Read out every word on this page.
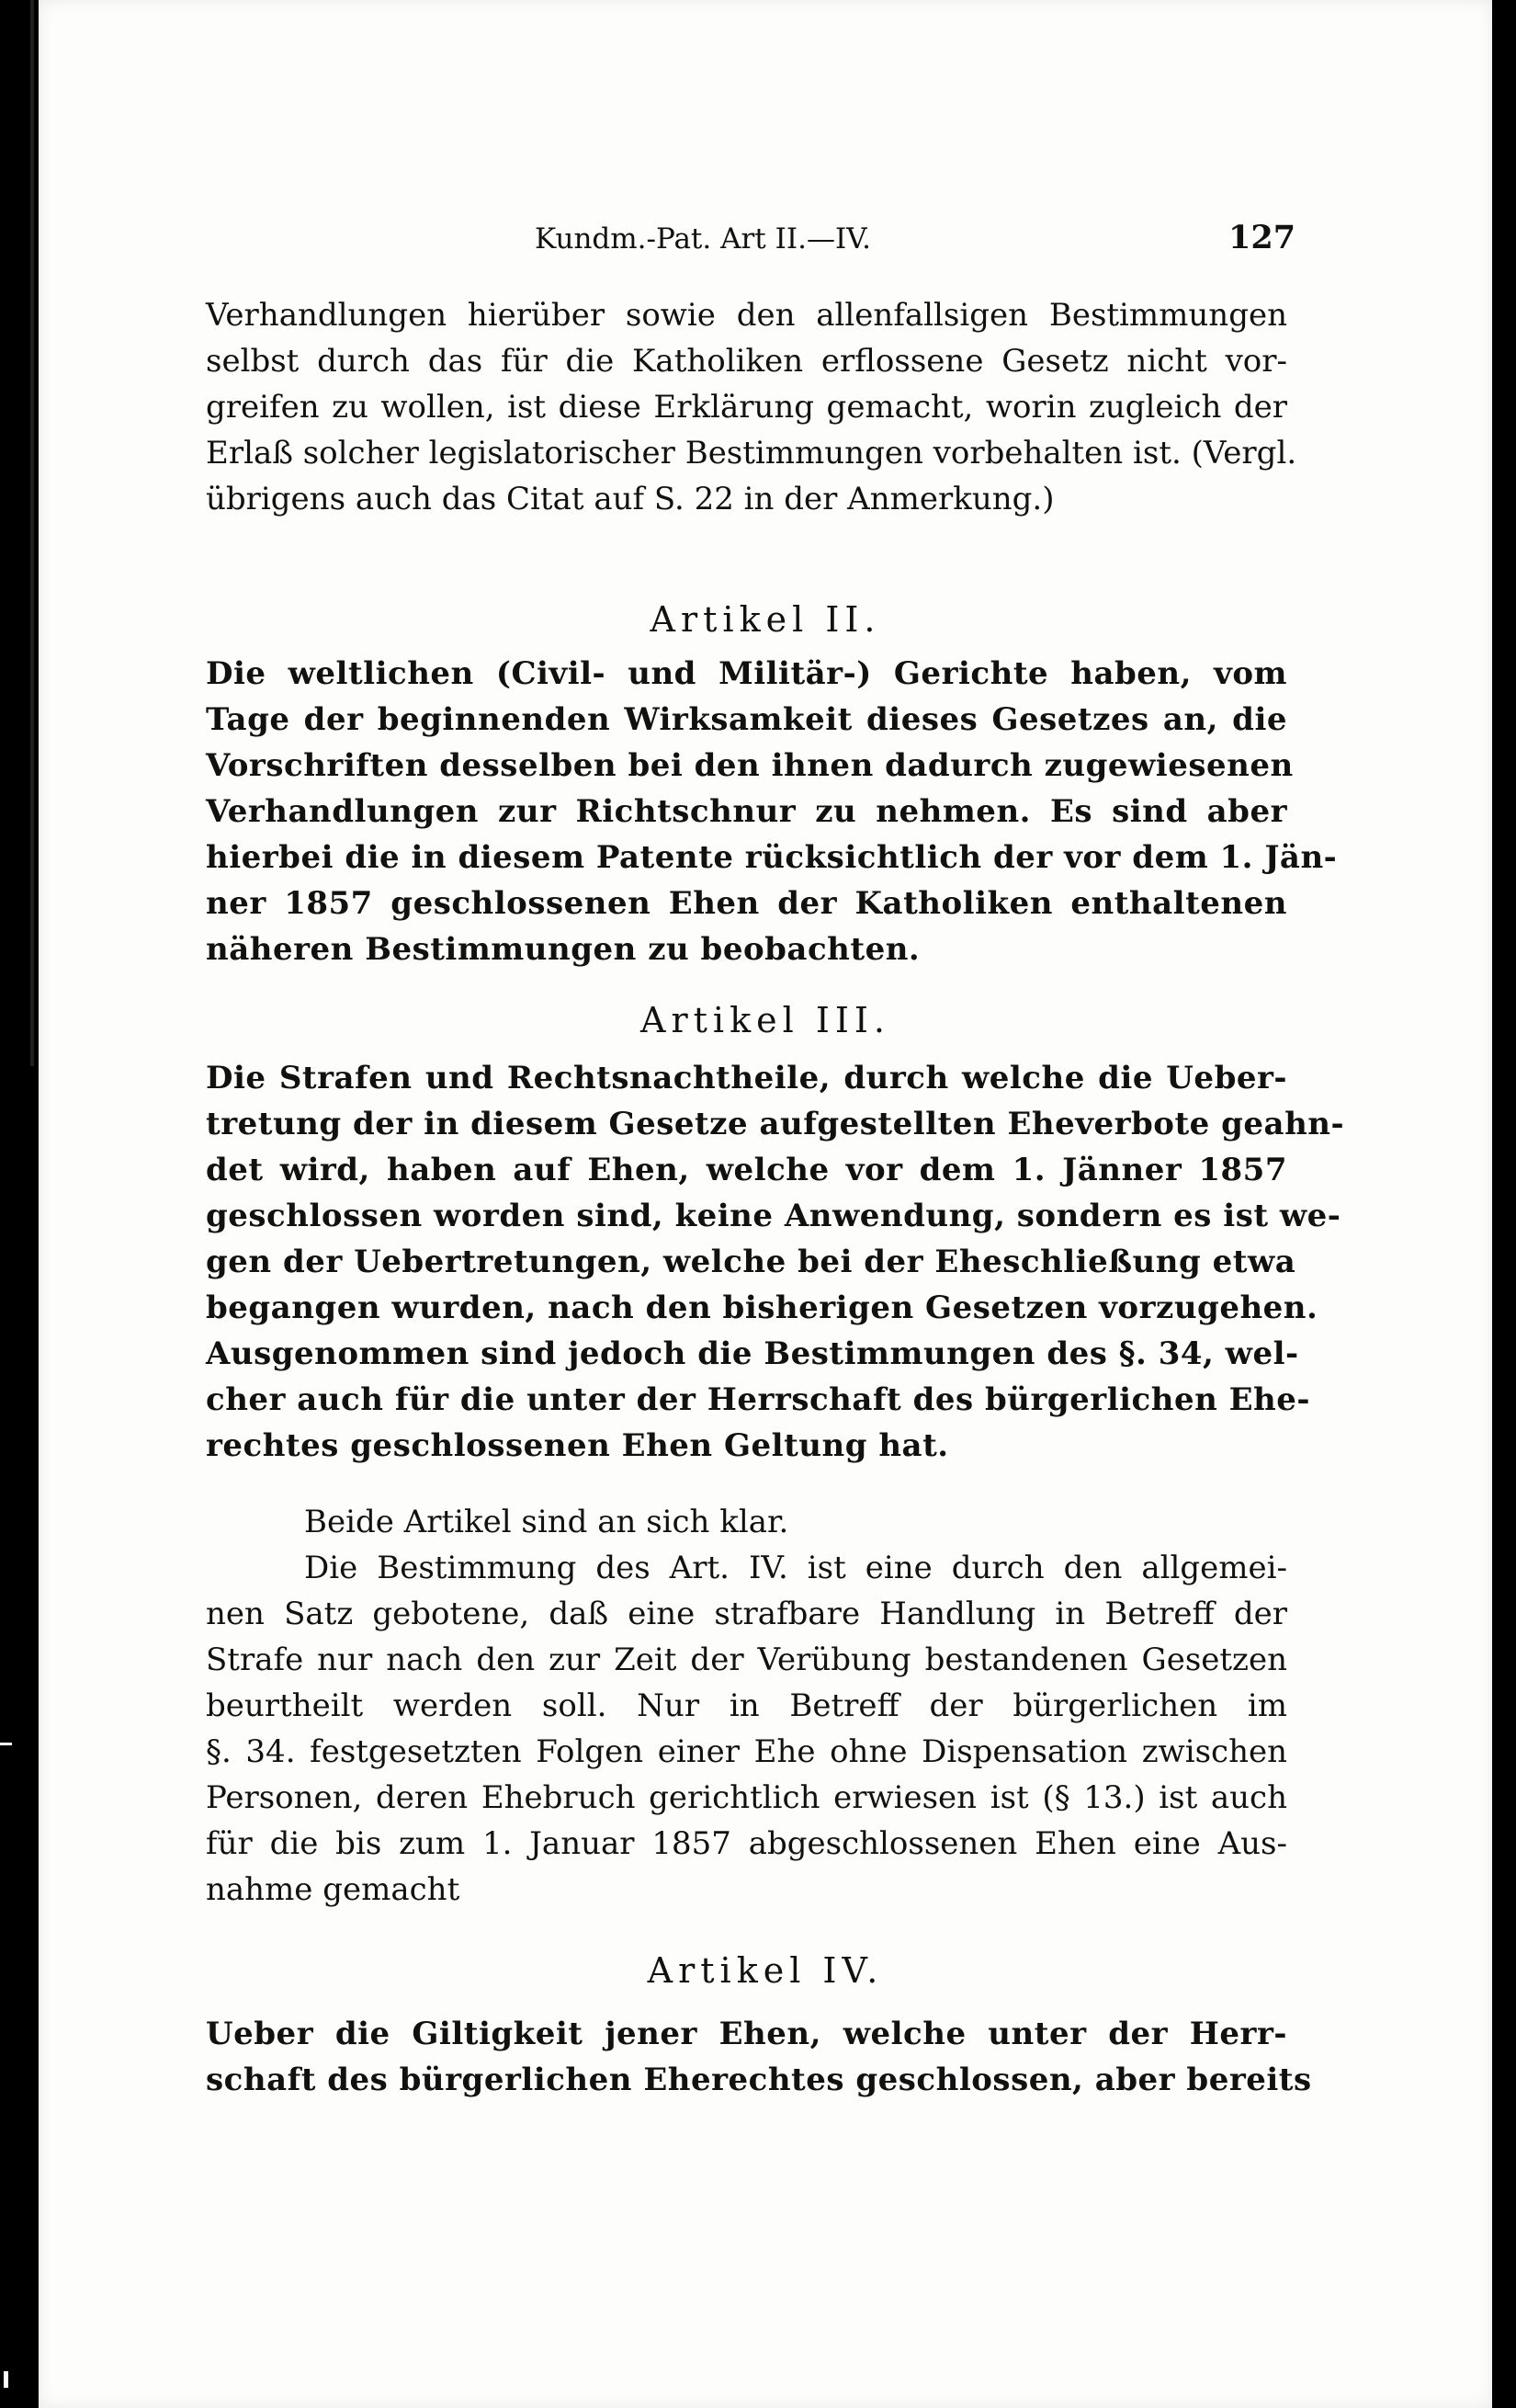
Kundm.-Pat. Art II.—IV.	127
Verhandlungen hierüber sowie den allenfallsigen Bestimmungen
selbst durch das für die Katholiken erflossene Gesetz nicht vor-
greifen zu wollen, ist diese Erklärung gemacht, worin zugleich der
Erlaß solcher legislatorischer Bestimmungen vorbehalten ist. (Vergl.
übrigens auch das Citat auf S. 22 in der Anmerkung.)
Artikel II.
Die weltlichen (Civil- und Militär-) Gerichte haben, vom
Tage der beginnenden Wirksamkeit dieses Gesetzes an, die
Vorschriften desselben bei den ihnen dadurch zugewiesenen
Verhandlungen zur Richtschnur zu nehmen. Es sind aber
hierbei die in diesem Patente rücksichtlich der vor dem 1. Jän-
ner 1857 geschlossenen Ehen der Katholiken enthaltenen
näheren Bestimmungen zu beobachten.
Artikel III.
Die Strafen und Rechtsnachtheile, durch welche die Ueber-
tretung der in diesem Gesetze aufgestellten Eheverbote geahn-
det wird, haben auf Ehen, welche vor dem 1. Jänner 1857
geschlossen worden sind, keine Anwendung, sondern es ist we-
gen der Uebertretungen, welche bei der Eheschließung etwa
begangen wurden, nach den bisherigen Gesetzen vorzugehen.
Ausgenommen sind jedoch die Bestimmungen des §. 34, wel-
cher auch für die unter der Herrschaft des bürgerlichen Ehe-
rechtes geschlossenen Ehen Geltung hat.
Beide Artikel sind an sich klar.
Die Bestimmung des Art. IV. ist eine durch den allgemei-
nen Satz gebotene, daß eine strafbare Handlung in Betreff der
Strafe nur nach den zur Zeit der Verübung bestandenen Gesetzen
beurtheilt werden soll. Nur in Betreff der bürgerlichen im
§. 34. festgesetzten Folgen einer Ehe ohne Dispensation zwischen
Personen, deren Ehebruch gerichtlich erwiesen ist (§ 13.) ist auch
für die bis zum 1. Januar 1857 abgeschlossenen Ehen eine Aus-
nahme gemacht
Artikel IV.
Ueber die Giltigkeit jener Ehen, welche unter der Herr-
schaft des bürgerlichen Eherechtes geschlossen, aber bereits
